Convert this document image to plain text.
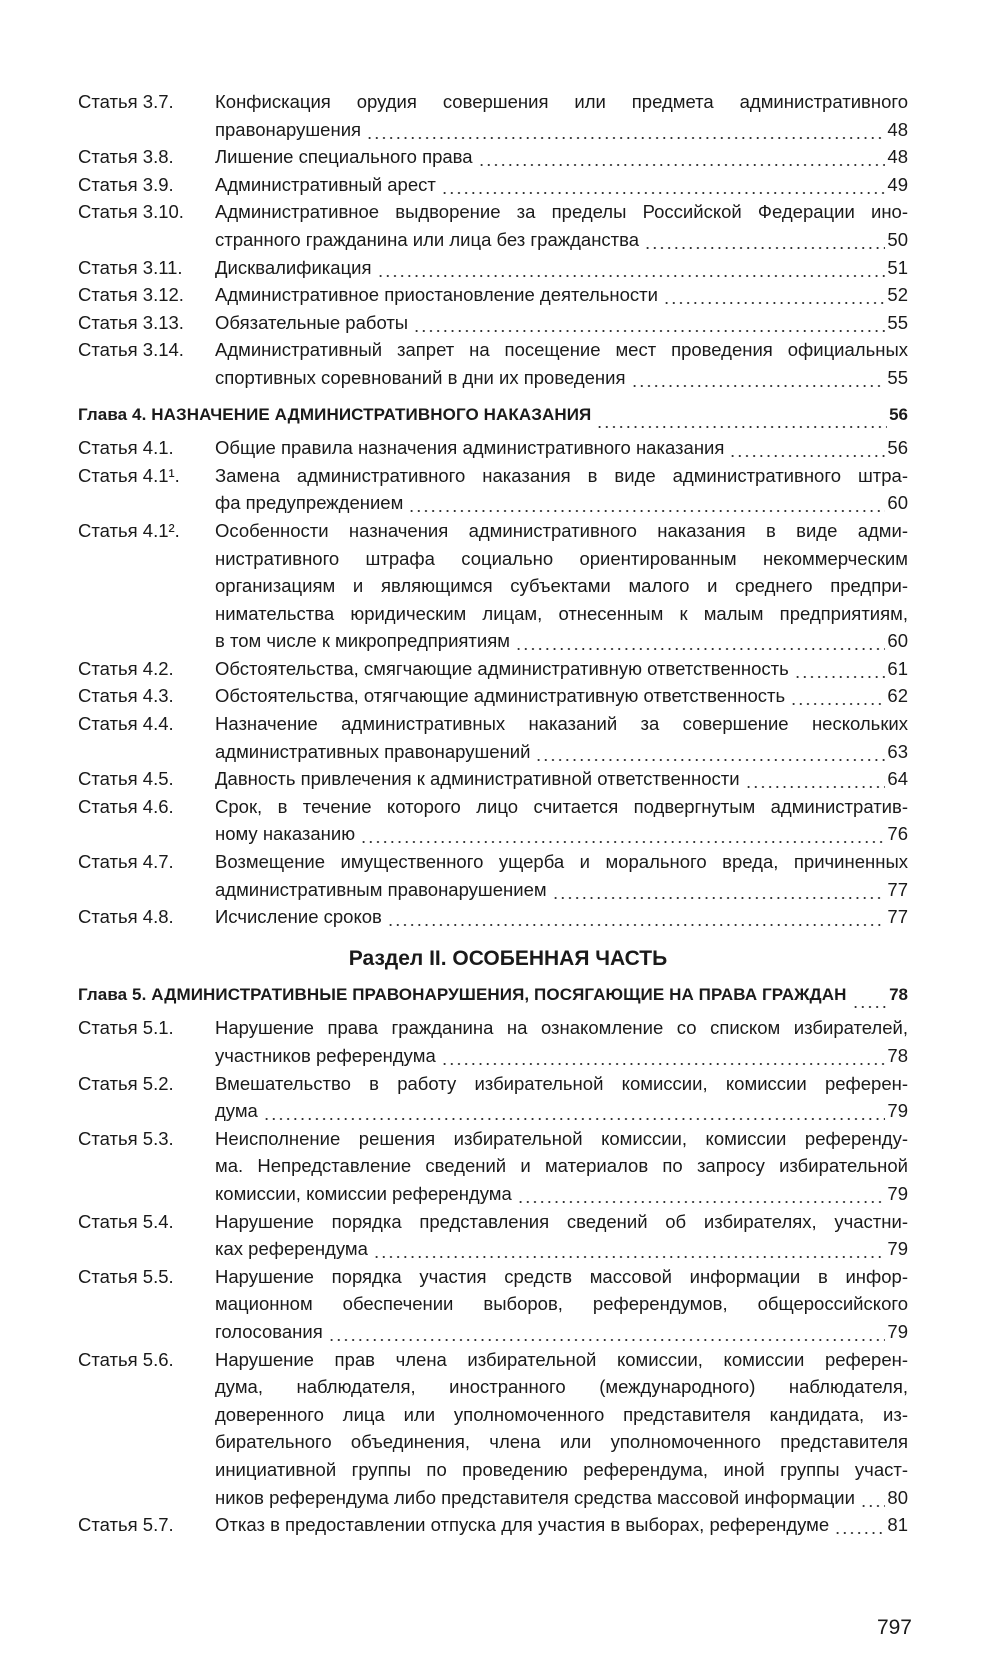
Статья 3.7.	Конфискация орудия совершения или предмета административного
правонарушения	48
Статья 3.8.	Лишение специального права	48
Статья 3.9.	Административный арест	49
Статья 3.10.	Административное выдворение за пределы Российской Федерации ино-
странного гражданина или лица без гражданства	50
Статья 3.11.	Дисквалификация	51
Статья 3.12.	Административное приостановление деятельности	52
Статья 3.13.	Обязательные работы	55
Статья 3.14.	Административный запрет на посещение мест проведения официальных
спортивных соревнований в дни их проведения	55
Глава 4. НАЗНАЧЕНИЕ АДМИНИСТРАТИВНОГО НАКАЗАНИЯ	56
Статья 4.1.	Общие правила назначения административного наказания	56
Статья 4.1¹.	Замена административного наказания в виде административного штра-
фа предупреждением	60
Статья 4.1².	Особенности назначения административного наказания в виде адми-
нистративного штрафа социально ориентированным некоммерческим
организациям и являющимся субъектами малого и среднего предпри-
нимательства юридическим лицам, отнесенным к малым предприятиям,
в том числе к микропредприятиям	60
Статья 4.2.	Обстоятельства, смягчающие административную ответственность	61
Статья 4.3.	Обстоятельства, отягчающие административную ответственность	62
Статья 4.4.	Назначение административных наказаний за совершение нескольких
административных правонарушений	63
Статья 4.5.	Давность привлечения к административной ответственности	64
Статья 4.6.	Срок, в течение которого лицо считается подвергнутым административ-
ному наказанию	76
Статья 4.7.	Возмещение имущественного ущерба и морального вреда, причиненных
административным правонарушением	77
Статья 4.8.	Исчисление сроков	77
Раздел II. ОСОБЕННАЯ ЧАСТЬ
Глава 5. АДМИНИСТРАТИВНЫЕ ПРАВОНАРУШЕНИЯ, ПОСЯГАЮЩИЕ НА ПРАВА ГРАЖДАН	78
Статья 5.1.	Нарушение права гражданина на ознакомление со списком избирателей,
участников референдума	78
Статья 5.2.	Вмешательство в работу избирательной комиссии, комиссии референ-
дума	79
Статья 5.3.	Неисполнение решения избирательной комиссии, комиссии референду-
ма. Непредставление сведений и материалов по запросу избирательной
комиссии, комиссии референдума	79
Статья 5.4.	Нарушение порядка представления сведений об избирателях, участни-
ках референдума	79
Статья 5.5.	Нарушение порядка участия средств массовой информации в инфор-
мационном обеспечении выборов, референдумов, общероссийского
голосования	79
Статья 5.6.	Нарушение прав члена избирательной комиссии, комиссии референ-
дума, наблюдателя, иностранного (международного) наблюдателя,
доверенного лица или уполномоченного представителя кандидата, из-
бирательного объединения, члена или уполномоченного представителя
инициативной группы по проведению референдума, иной группы участ-
ников референдума либо представителя средства массовой информации 80
Статья 5.7.	Отказ в предоставлении отпуска для участия в выборах, референдуме	81
797
